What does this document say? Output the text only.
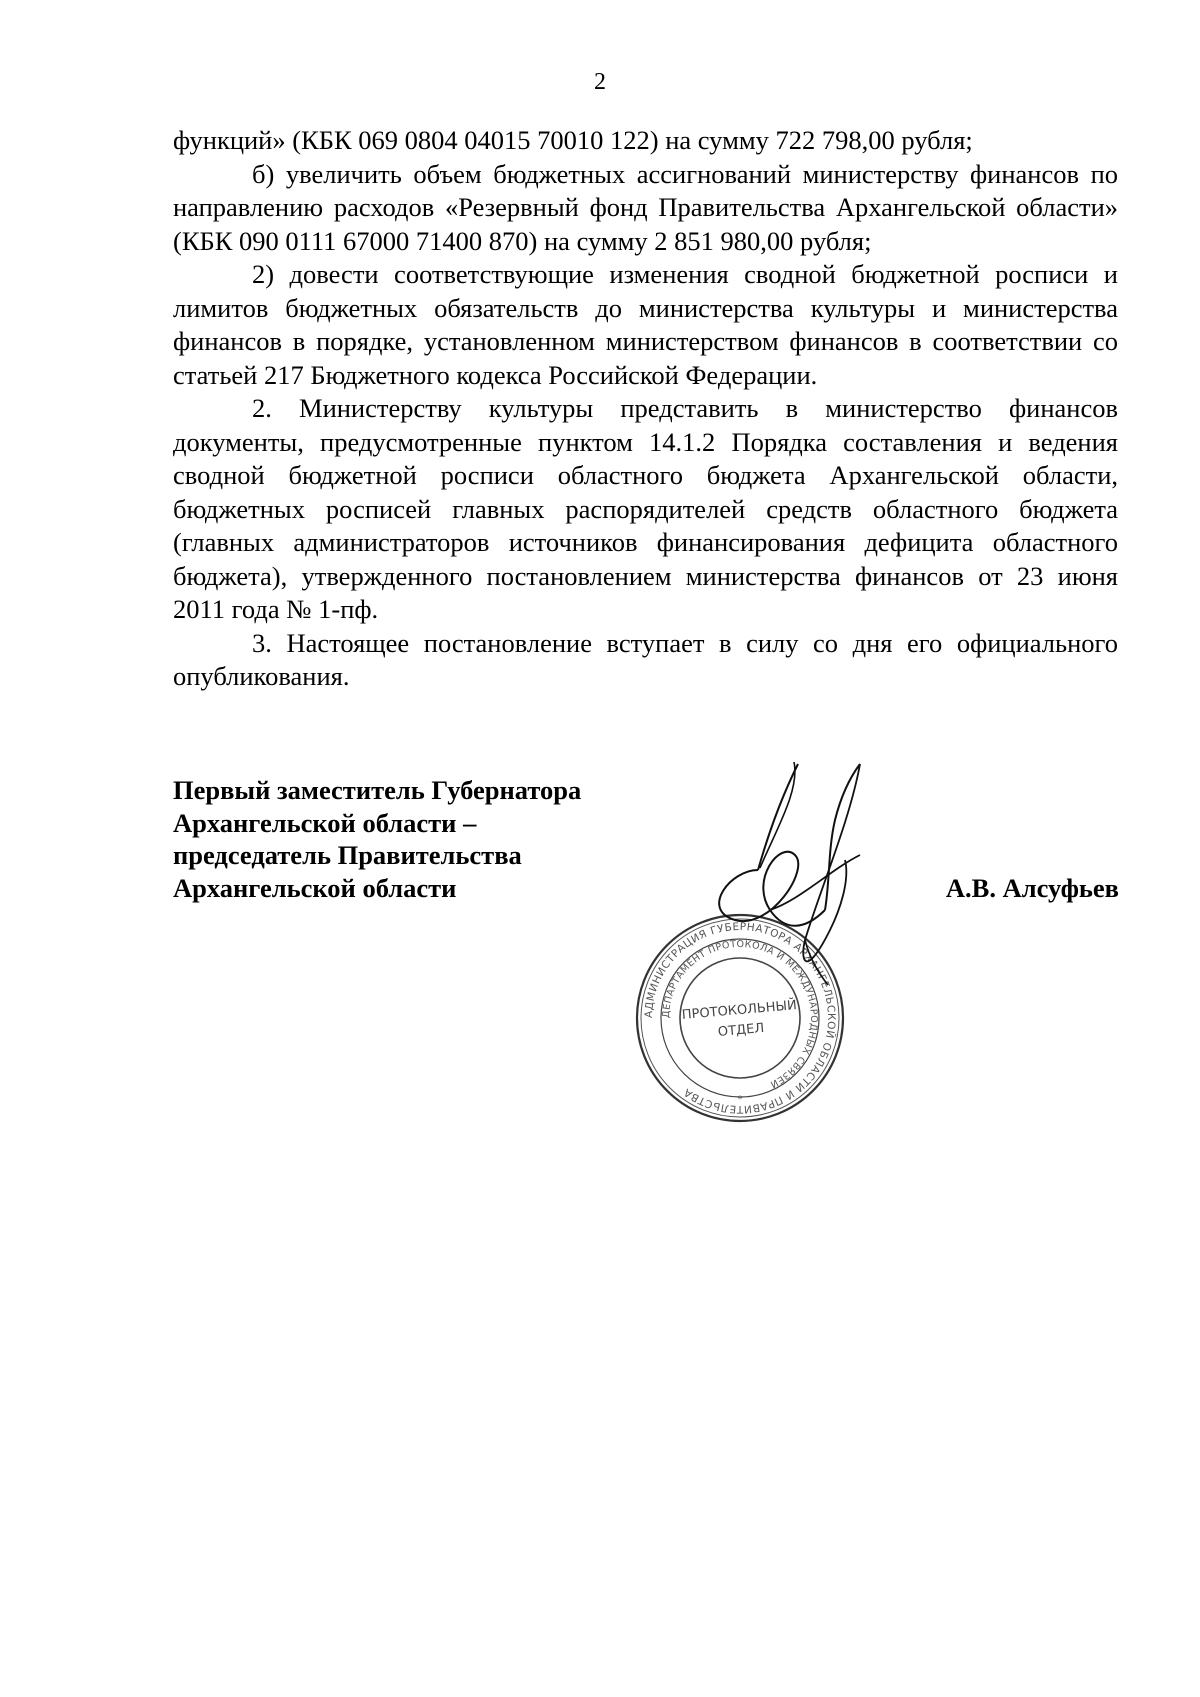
2

функций» (КБК 069 0804 04015 70010 122) на сумму 722 798,00 рубля;

б) увеличить объем бюджетных ассигнований министерству финансов по направлению расходов «Резервный фонд Правительства Архангельской области» (КБК 090 0111 67000 71400 870) на сумму 2 851 980,00 рубля;

2) довести соответствующие изменения сводной бюджетной росписи и лимитов бюджетных обязательств до министерства культуры и министерства финансов в порядке, установленном министерством финансов в соответствии со статьей 217 Бюджетного кодекса Российской Федерации.

2. Министерству культуры представить в министерство финансов документы, предусмотренные пунктом 14.1.2 Порядка составления и ведения сводной бюджетной росписи областного бюджета Архангельской области, бюджетных росписей главных распорядителей средств областного бюджета (главных администраторов источников финансирования дефицита областного бюджета), утвержденного постановлением министерства финансов от 23 июня 2011 года № 1-пф.

3. Настоящее постановление вступает в силу со дня его официального опубликования.

Первый заместитель Губернатора
Архангельской области –
председатель Правительства
Архангельской области
АДМИНИСТРАЦИЯ ГУБЕРНАТОРА АРХАНГЕЛЬСКОЙ ОБЛАСТИ И ПРАВИТЕЛЬСТВА
ДЕПАРТАМЕНТ ПРОТОКОЛА И МЕЖДУНАРОДНЫХ СВЯЗЕЙ
ПРОТОКОЛЬНЫЙ
ОТДЕЛ
*
А.В. Алсуфьев
